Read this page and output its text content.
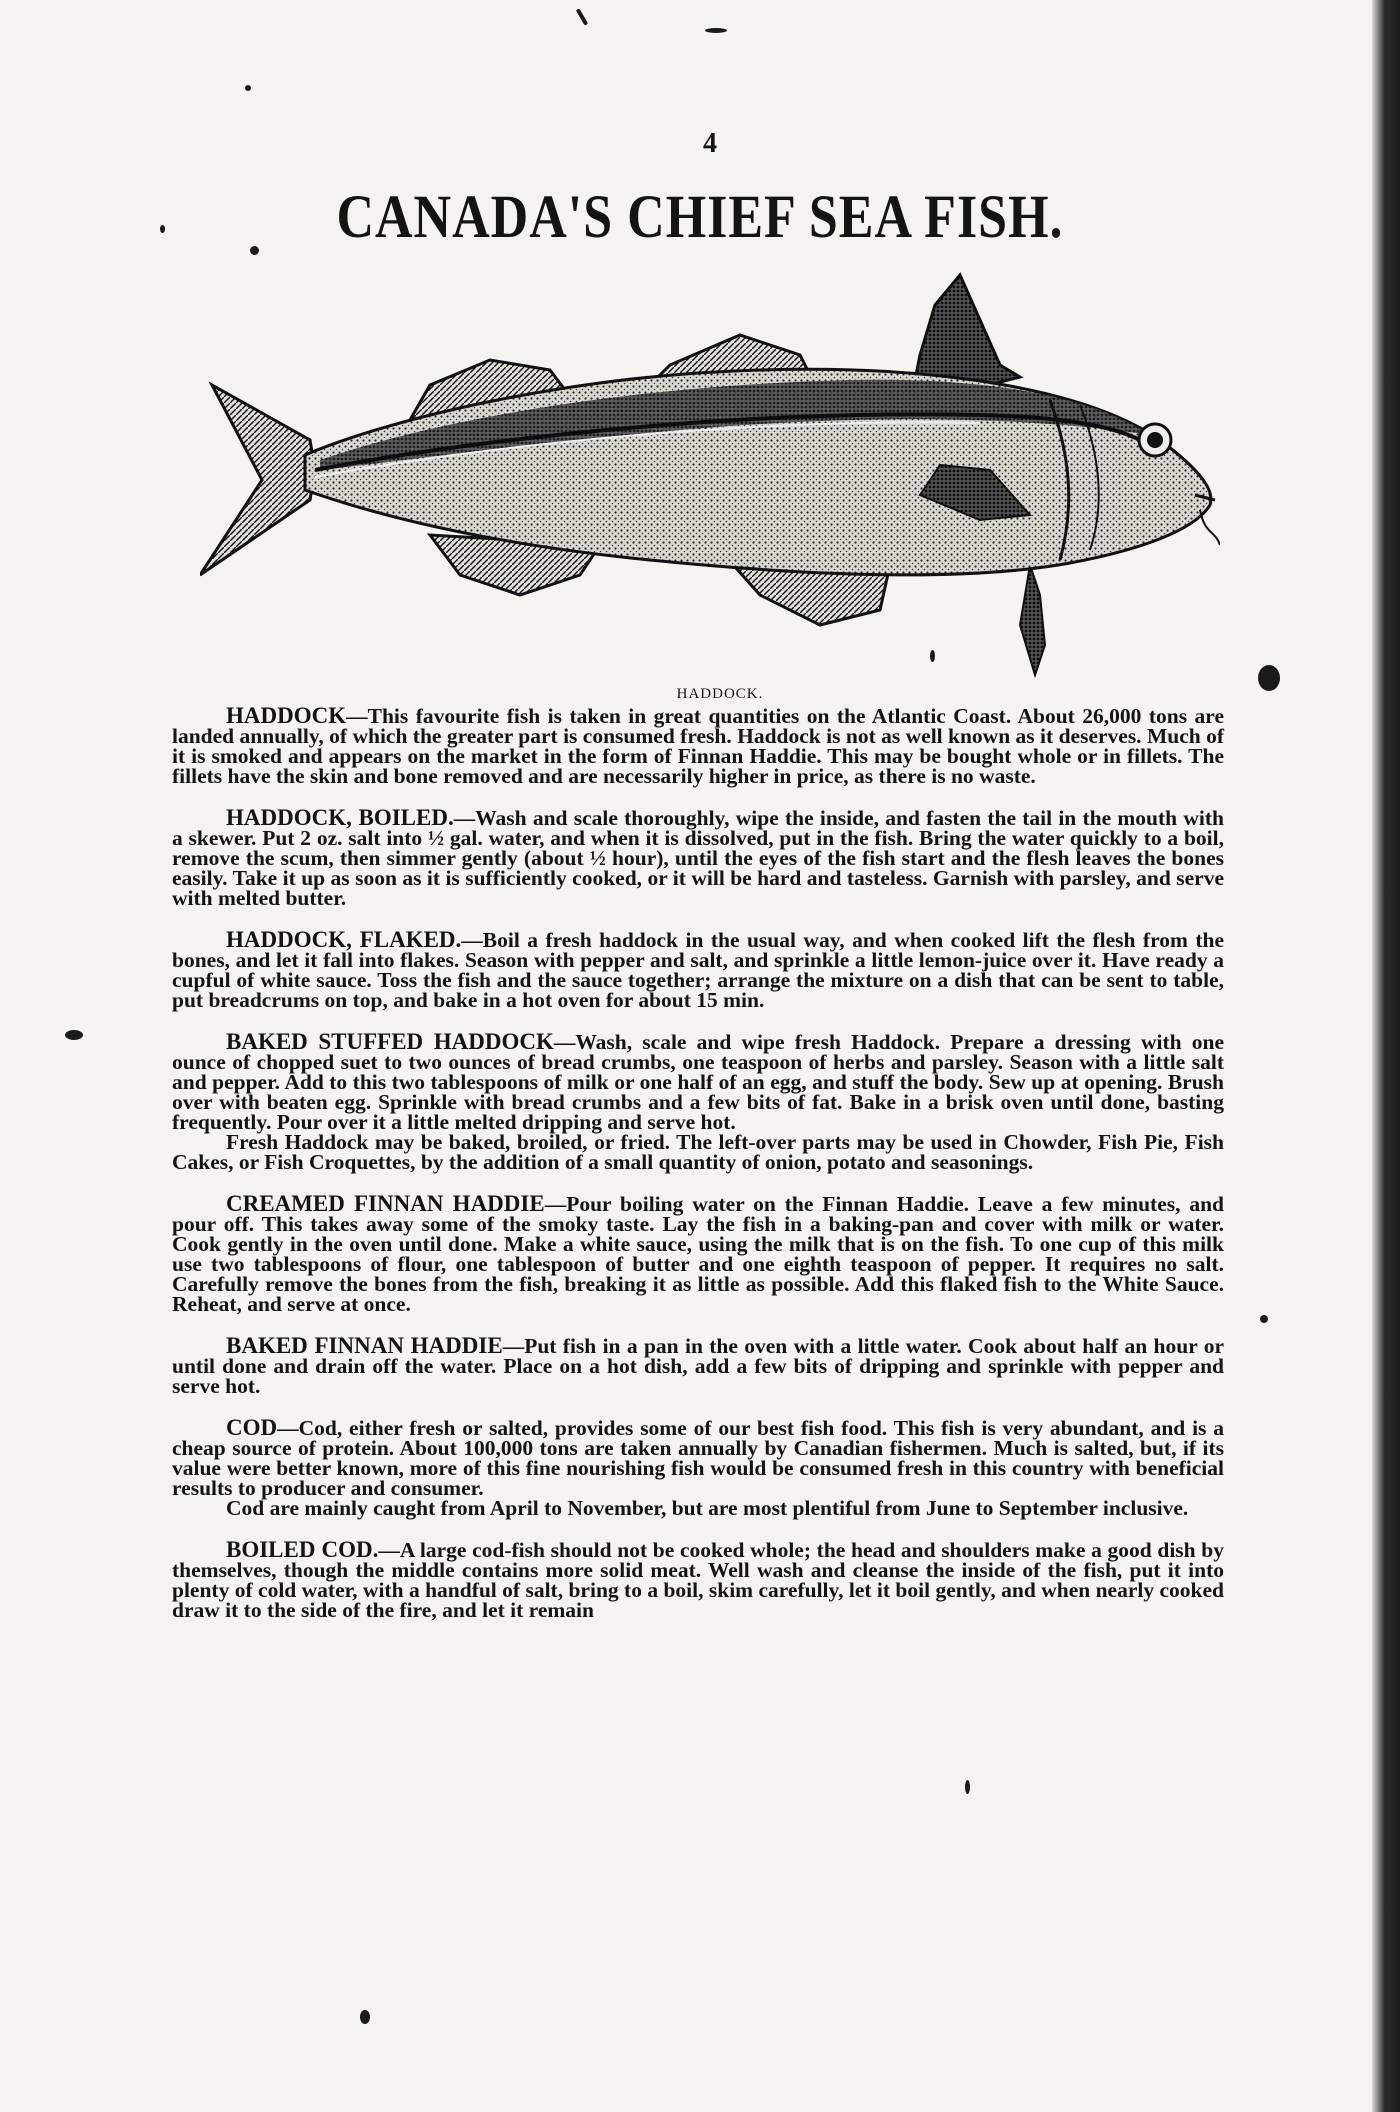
4
CANADA'S CHIEF SEA FISH.
HADDOCK.

HADDOCK—This favourite fish is taken in great quantities on the Atlantic Coast. About 26,000 tons are landed annually, of which the greater part is consumed fresh. Haddock is not as well known as it deserves. Much of it is smoked and appears on the market in the form of Finnan Haddie. This may be bought whole or in fillets. The fillets have the skin and bone removed and are necessarily higher in price, as there is no waste.

HADDOCK, BOILED.—Wash and scale thoroughly, wipe the inside, and fasten the tail in the mouth with a skewer. Put 2 oz. salt into ½ gal. water, and when it is dissolved, put in the fish. Bring the water quickly to a boil, remove the scum, then simmer gently (about ½ hour), until the eyes of the fish start and the flesh leaves the bones easily. Take it up as soon as it is sufficiently cooked, or it will be hard and tasteless. Garnish with parsley, and serve with melted butter.

HADDOCK, FLAKED.—Boil a fresh haddock in the usual way, and when cooked lift the flesh from the bones, and let it fall into flakes. Season with pepper and salt, and sprinkle a little lemon-juice over it. Have ready a cupful of white sauce. Toss the fish and the sauce together; arrange the mixture on a dish that can be sent to table, put breadcrums on top, and bake in a hot oven for about 15 min.

BAKED STUFFED HADDOCK—Wash, scale and wipe fresh Haddock. Prepare a dressing with one ounce of chopped suet to two ounces of bread crumbs, one teaspoon of herbs and parsley. Season with a little salt and pepper. Add to this two tablespoons of milk or one half of an egg, and stuff the body. Sew up at opening. Brush over with beaten egg. Sprinkle with bread crumbs and a few bits of fat. Bake in a brisk oven until done, basting frequently. Pour over it a little melted dripping and serve hot.

Fresh Haddock may be baked, broiled, or fried. The left-over parts may be used in Chowder, Fish Pie, Fish Cakes, or Fish Croquettes, by the addition of a small quantity of onion, potato and seasonings.

CREAMED FINNAN HADDIE—Pour boiling water on the Finnan Haddie. Leave a few minutes, and pour off. This takes away some of the smoky taste. Lay the fish in a baking-pan and cover with milk or water. Cook gently in the oven until done. Make a white sauce, using the milk that is on the fish. To one cup of this milk use two tablespoons of flour, one tablespoon of butter and one eighth teaspoon of pepper. It requires no salt. Carefully remove the bones from the fish, breaking it as little as possible. Add this flaked fish to the White Sauce. Reheat, and serve at once.

BAKED FINNAN HADDIE—Put fish in a pan in the oven with a little water. Cook about half an hour or until done and drain off the water. Place on a hot dish, add a few bits of dripping and sprinkle with pepper and serve hot.

COD—Cod, either fresh or salted, provides some of our best fish food. This fish is very abundant, and is a cheap source of protein. About 100,000 tons are taken annually by Canadian fishermen. Much is salted, but, if its value were better known, more of this fine nourishing fish would be consumed fresh in this country with beneficial results to producer and consumer.

Cod are mainly caught from April to November, but are most plentiful from June to September inclusive.

BOILED COD.—A large cod-fish should not be cooked whole; the head and shoulders make a good dish by themselves, though the middle contains more solid meat. Well wash and cleanse the inside of the fish, put it into plenty of cold water, with a handful of salt, bring to a boil, skim carefully, let it boil gently, and when nearly cooked draw it to the side of the fire, and let it remain
